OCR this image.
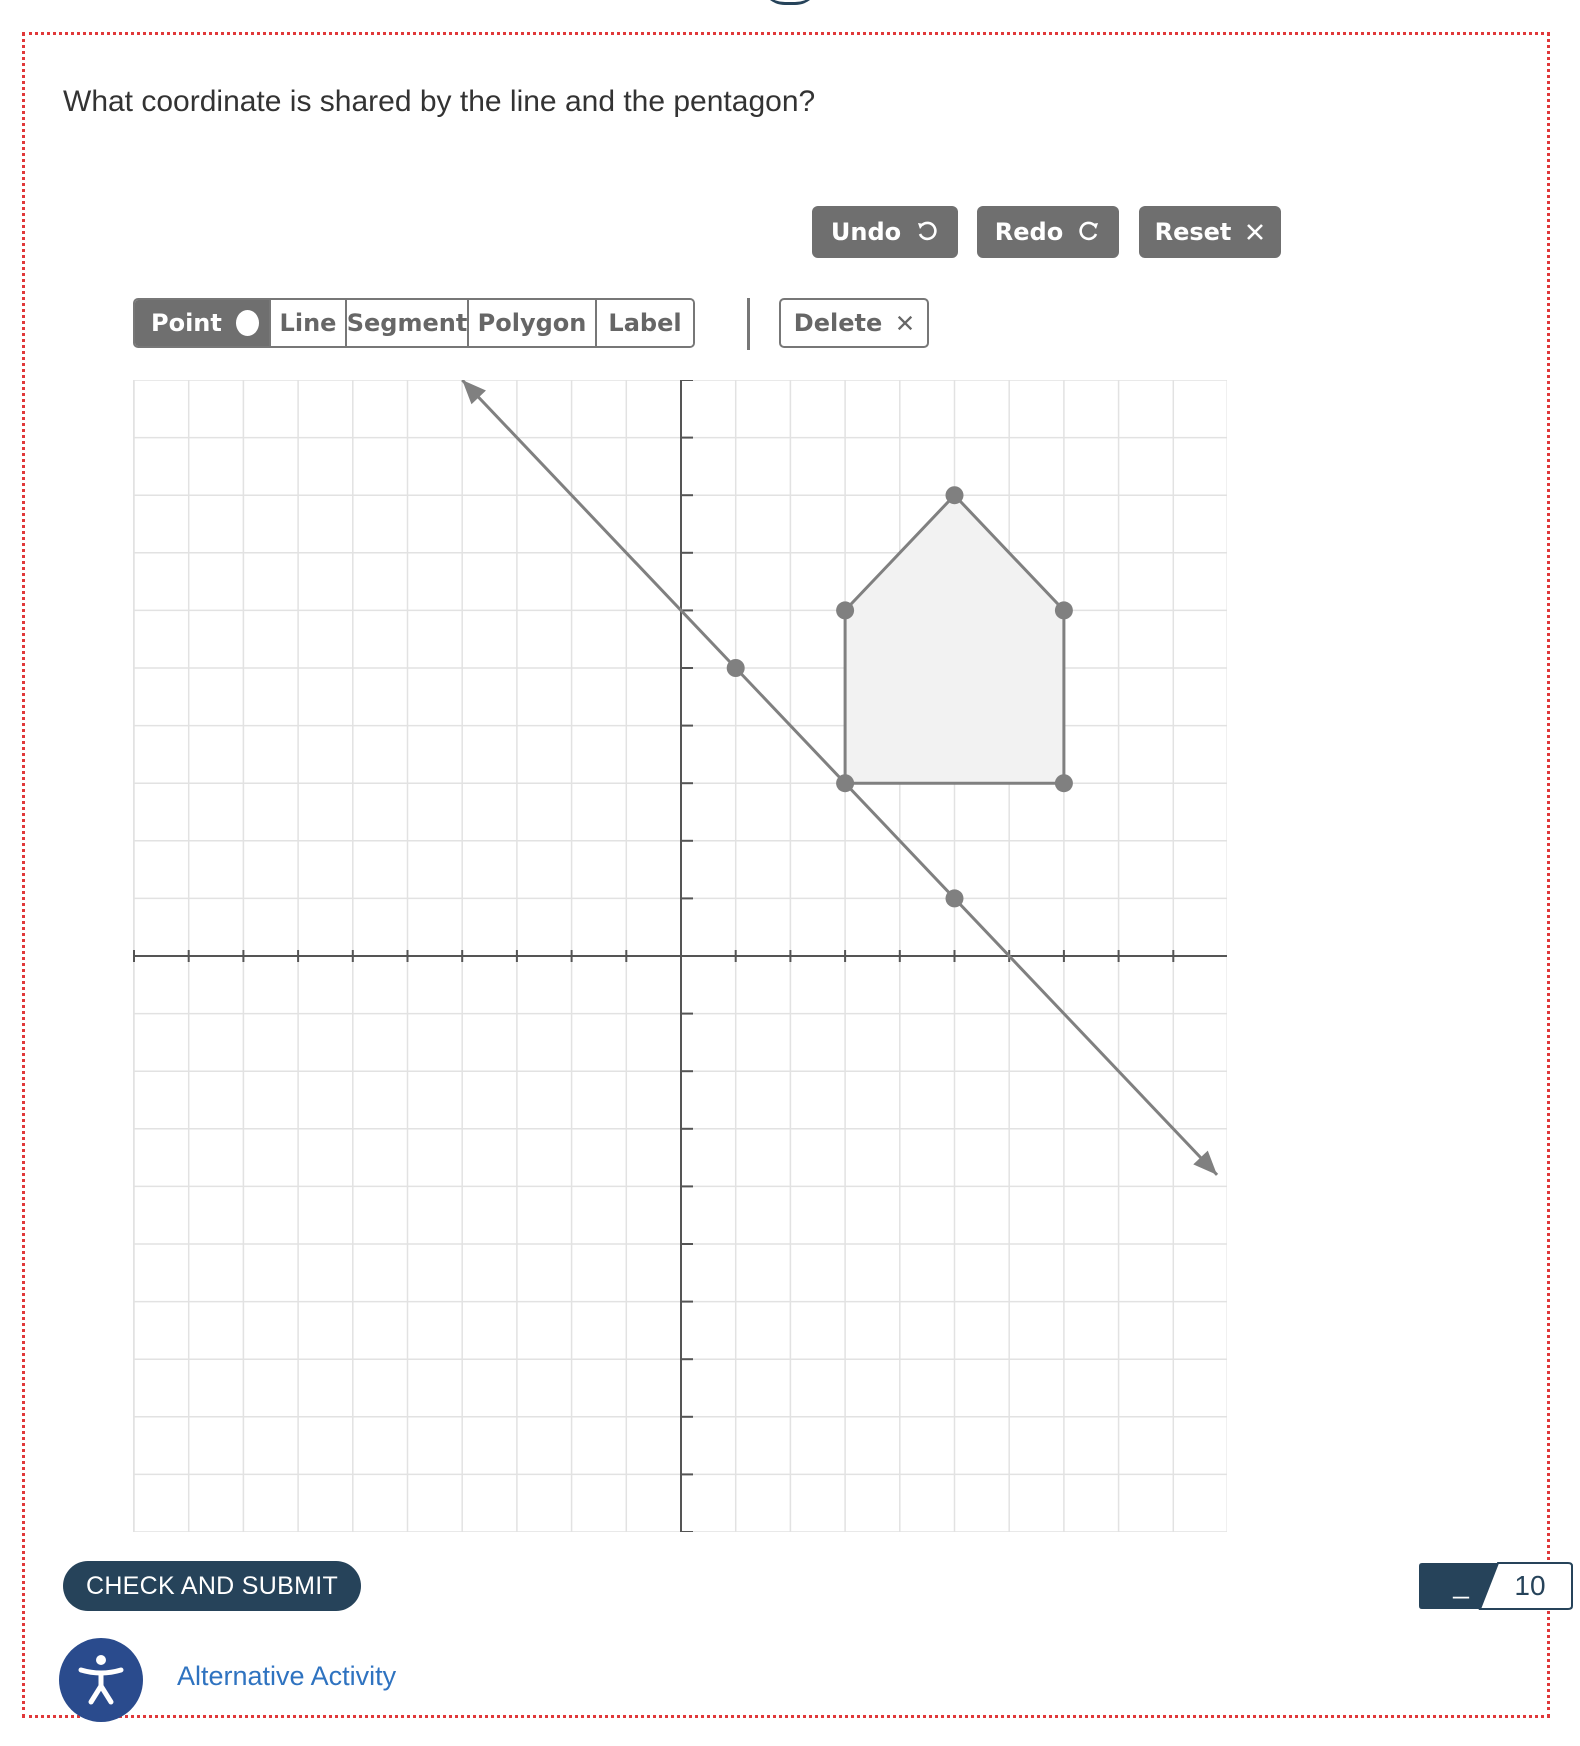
What coordinate is shared by the line and the pentagon?
Undo	Redo	Reset
Point Line Segment Polygon Label	Delete
CHECK AND SUBMIT	_	10
Alternative Activity
